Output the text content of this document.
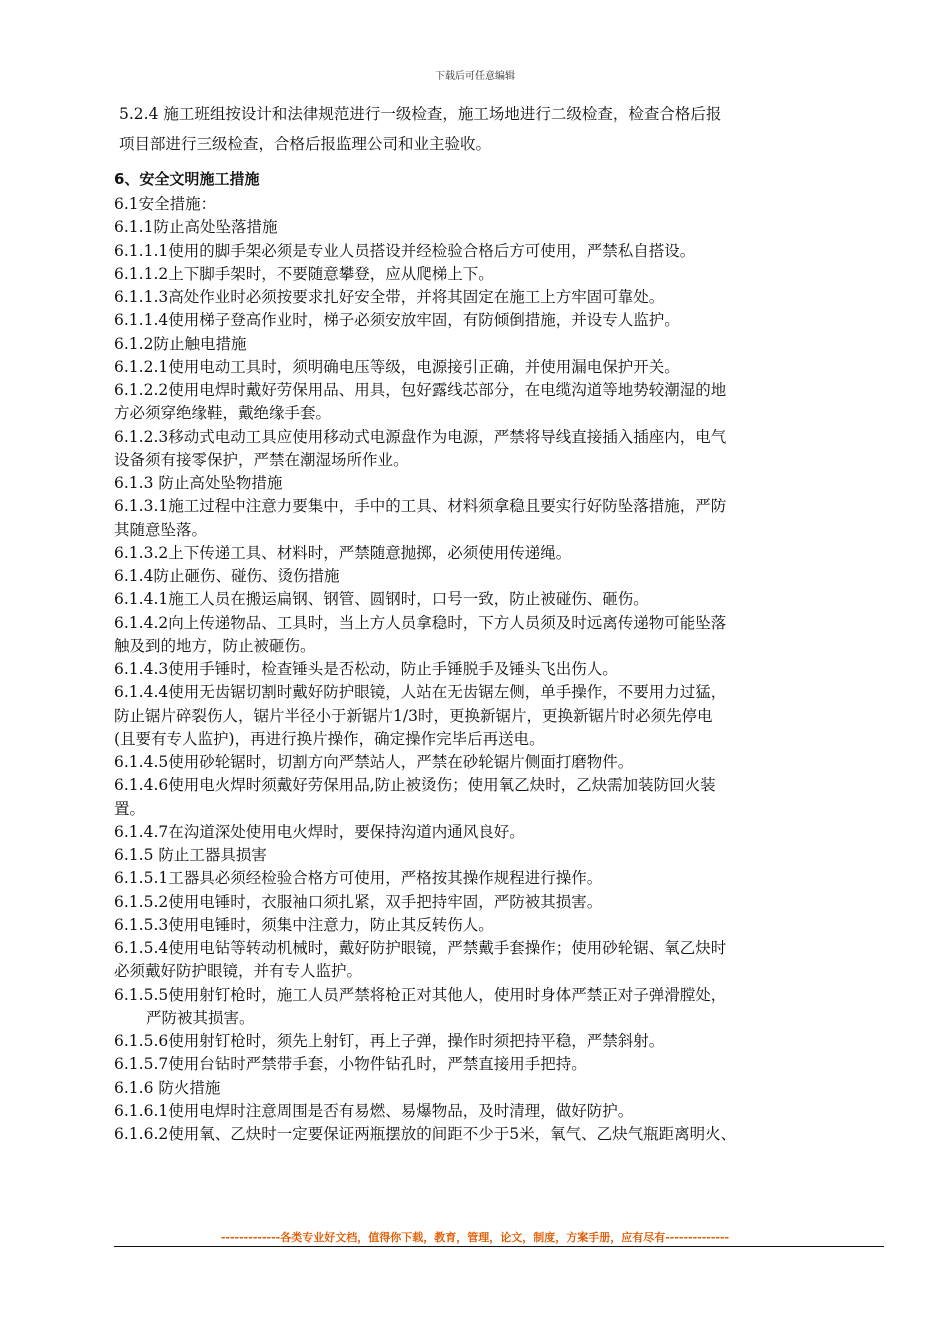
下载后可任意编辑

5.2.4 施工班组按设计和法律规范进行一级检查，施工场地进行二级检查，检查合格后报

项目部进行三级检查，合格后报监理公司和业主验收。

6、安全文明施工措施

6.1安全措施：

6.1.1防止高处坠落措施

6.1.1.1使用的脚手架必须是专业人员搭设并经检验合格后方可使用，严禁私自搭设。

6.1.1.2上下脚手架时，不要随意攀登，应从爬梯上下。

6.1.1.3高处作业时必须按要求扎好安全带，并将其固定在施工上方牢固可靠处。

6.1.1.4使用梯子登高作业时，梯子必须安放牢固，有防倾倒措施，并设专人监护。

6.1.2防止触电措施

6.1.2.1使用电动工具时，须明确电压等级，电源接引正确，并使用漏电保护开关。

6.1.2.2使用电焊时戴好劳保用品、用具，包好露线芯部分，在电缆沟道等地势较潮湿的地

方必须穿绝缘鞋，戴绝缘手套。

6.1.2.3移动式电动工具应使用移动式电源盘作为电源，严禁将导线直接插入插座内，电气

设备须有接零保护，严禁在潮湿场所作业。

6.1.3 防止高处坠物措施

6.1.3.1施工过程中注意力要集中，手中的工具、材料须拿稳且要实行好防坠落措施，严防

其随意坠落。

6.1.3.2上下传递工具、材料时，严禁随意抛掷，必须使用传递绳。

6.1.4防止砸伤、碰伤、烫伤措施

6.1.4.1施工人员在搬运扁钢、钢管、圆钢时，口号一致，防止被碰伤、砸伤。

6.1.4.2向上传递物品、工具时，当上方人员拿稳时，下方人员须及时远离传递物可能坠落

触及到的地方，防止被砸伤。

6.1.4.3使用手锤时，检查锤头是否松动，防止手锤脱手及锤头飞出伤人。

6.1.4.4使用无齿锯切割时戴好防护眼镜，人站在无齿锯左侧，单手操作，不要用力过猛，

防止锯片碎裂伤人，锯片半径小于新锯片1/3时，更换新锯片，更换新锯片时必须先停电

(且要有专人监护)，再进行换片操作，确定操作完毕后再送电。

6.1.4.5使用砂轮锯时，切割方向严禁站人，严禁在砂轮锯片侧面打磨物件。

6.1.4.6使用电火焊时须戴好劳保用品,防止被烫伤；使用氧乙炔时，乙炔需加装防回火装

置。

6.1.4.7在沟道深处使用电火焊时，要保持沟道内通风良好。

6.1.5 防止工器具损害

6.1.5.1工器具必须经检验合格方可使用，严格按其操作规程进行操作。

6.1.5.2使用电锤时，衣服袖口须扎紧，双手把持牢固，严防被其损害。

6.1.5.3使用电锤时，须集中注意力，防止其反转伤人。

6.1.5.4使用电钻等转动机械时，戴好防护眼镜，严禁戴手套操作；使用砂轮锯、氧乙炔时

必须戴好防护眼镜，并有专人监护。

6.1.5.5使用射钉枪时，施工人员严禁将枪正对其他人，使用时身体严禁正对子弹滑膛处，

严防被其损害。

6.1.5.6使用射钉枪时，须先上射钉，再上子弹，操作时须把持平稳，严禁斜射。

6.1.5.7使用台钻时严禁带手套，小物件钻孔时，严禁直接用手把持。

6.1.6 防火措施

6.1.6.1使用电焊时注意周围是否有易燃、易爆物品，及时清理，做好防护。

6.1.6.2使用氧、乙炔时一定要保证两瓶摆放的间距不少于5米，氧气、乙炔气瓶距离明火、

-------------各类专业好文档，值得你下载，教育，管理，论文，制度，方案手册，应有尽有--------------
